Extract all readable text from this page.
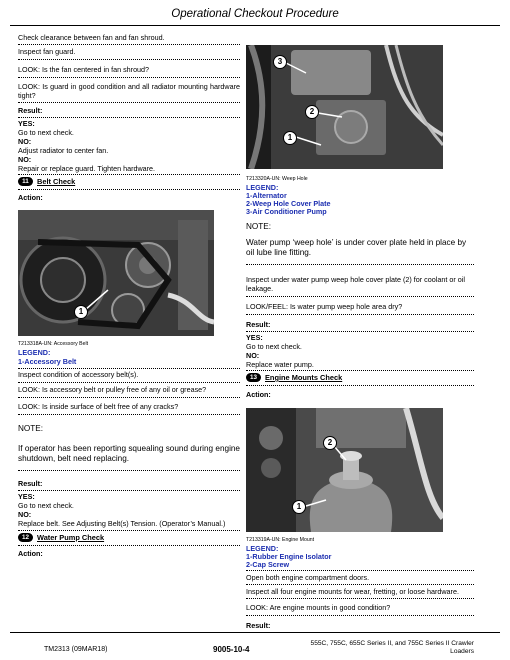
Operational Checkout Procedure
Check clearance between fan and fan shroud.
Inspect fan guard.
LOOK: Is the fan centered in fan shroud?
LOOK: Is guard in good condition and all radiator mounting hardware tight?
Result:
YES:
Go to next check.
NO:
Adjust radiator to center fan.
NO:
Repair or replace guard. Tighten hardware.
11	Belt Check
Action:
1
T213318A-UN: Accessory Belt
LEGEND:
1-Accessory Belt
Inspect condition of accessory belt(s).
LOOK: Is accessory belt or pulley free of any oil or grease?
LOOK: Is inside surface of belt free of any cracks?
NOTE:
If operator has been reporting squealing sound during engine shutdown, belt need replacing.
Result:
YES:
Go to next check.
NO:
Replace belt. See Adjusting Belt(s) Tension. (Operator’s Manual.)
12	Water Pump Check
Action:
3
2
1
T213320A-UN: Weep Hole
LEGEND:
1-Alternator
2-Weep Hole Cover Plate
3-Air Conditioner Pump
NOTE:
Water pump ‘weep hole’ is under cover plate held in place by oil lube line fitting.
Inspect under water pump weep hole cover plate (2) for coolant or oil leakage.
LOOK/FEEL: Is water pump weep hole area dry?
Result:
YES:
Go to next check.
NO:
Replace water pump.
13	Engine Mounts Check
Action:
2
1
T213319A-UN: Engine Mount
LEGEND:
1-Rubber Engine Isolator
2-Cap Screw
Open both engine compartment doors.
Inspect all four engine mounts for wear, fretting, or loose hardware.
LOOK: Are engine mounts in good condition?
Result:
TM2313 (09MAR18)	9005-10-4
555C, 755C, 655C Series II, and 755C Series II Crawler
Loaders
